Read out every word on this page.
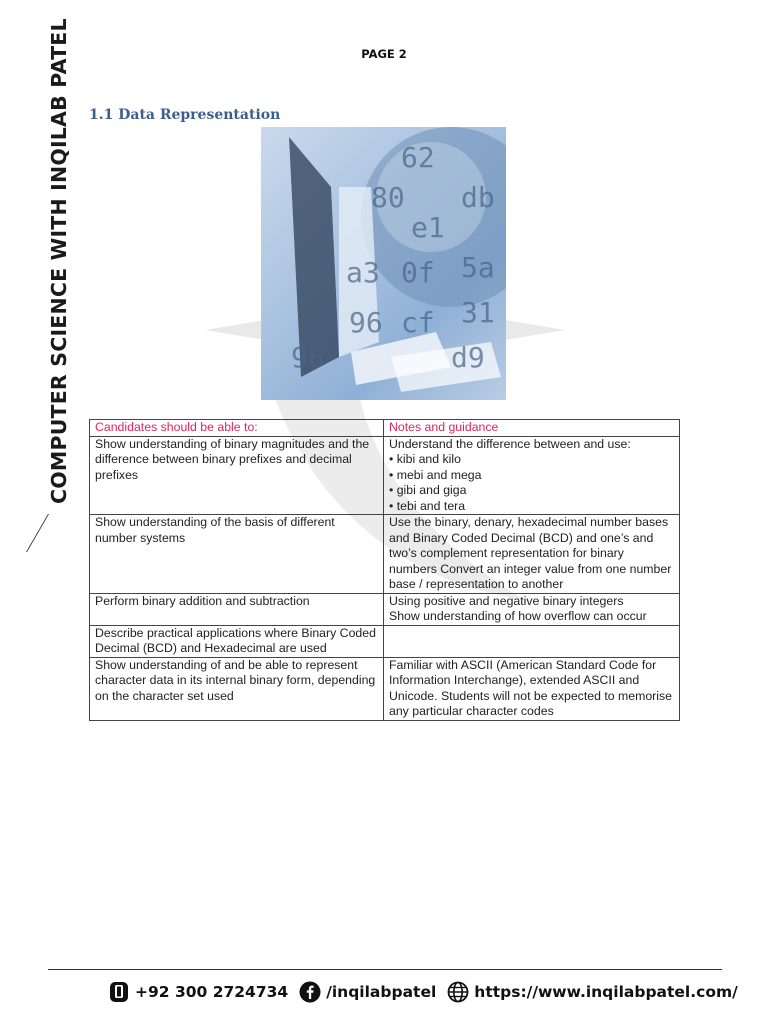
COMPUTER SCIENCE WITH INQILAB PATEL	PAGE 2
1.1 Data Representation
62
80
e1
db
a3 0f 5a
96 cf 31
96	d9
Candidates should be able to:	Notes and guidance
Show understanding of binary magnitudes and the difference between binary prefixes and decimal prefixes	Understand the difference between and use:
• kibi and kilo
• mebi and mega
• gibi and giga
• tebi and tera

Show understanding of the basis of different number systems	Use the binary, denary, hexadecimal number bases and Binary Coded Decimal (BCD) and one’s and two’s complement representation for binary numbers Convert an integer value from one number base / representation to another

Perform binary addition and subtraction	Using positive and negative binary integers
Show understanding of how overflow can occur

Describe practical applications where Binary Coded Decimal (BCD) and Hexadecimal are used	
Show understanding of and be able to represent character data in its internal binary form, depending on the character set used	Familiar with ASCII (American Standard Code for Information Interchange), extended ASCII and Unicode. Students will not be expected to memorise any particular character codes
+92 300 2724734 /inqilabpatel https://www.inqilabpatel.com/
